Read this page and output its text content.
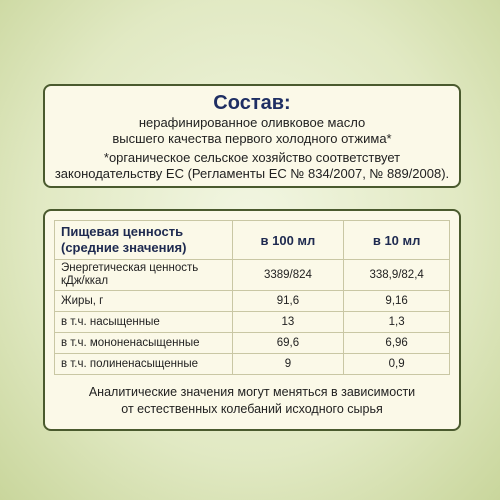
Состав:
нерафинированное оливковое масло
высшего качества первого холодного отжима*
*органическое сельское хозяйство соответствует
законодательству ЕС (Регламенты ЕС № 834/2007, № 889/2008).
Пищевая ценность
(средние значения)	в 100 мл	в 10 мл

Энергетическая ценность
кДж/ккал	3389/824	338,9/82,4
Жиры, г	91,6	9,16
в т.ч. насыщенные	13	1,3
в т.ч. мононенасыщенные	69,6	6,96
в т.ч. полиненасыщенные	9	0,9
Аналитические значения могут меняться в зависимости
от естественных колебаний исходного сырья
